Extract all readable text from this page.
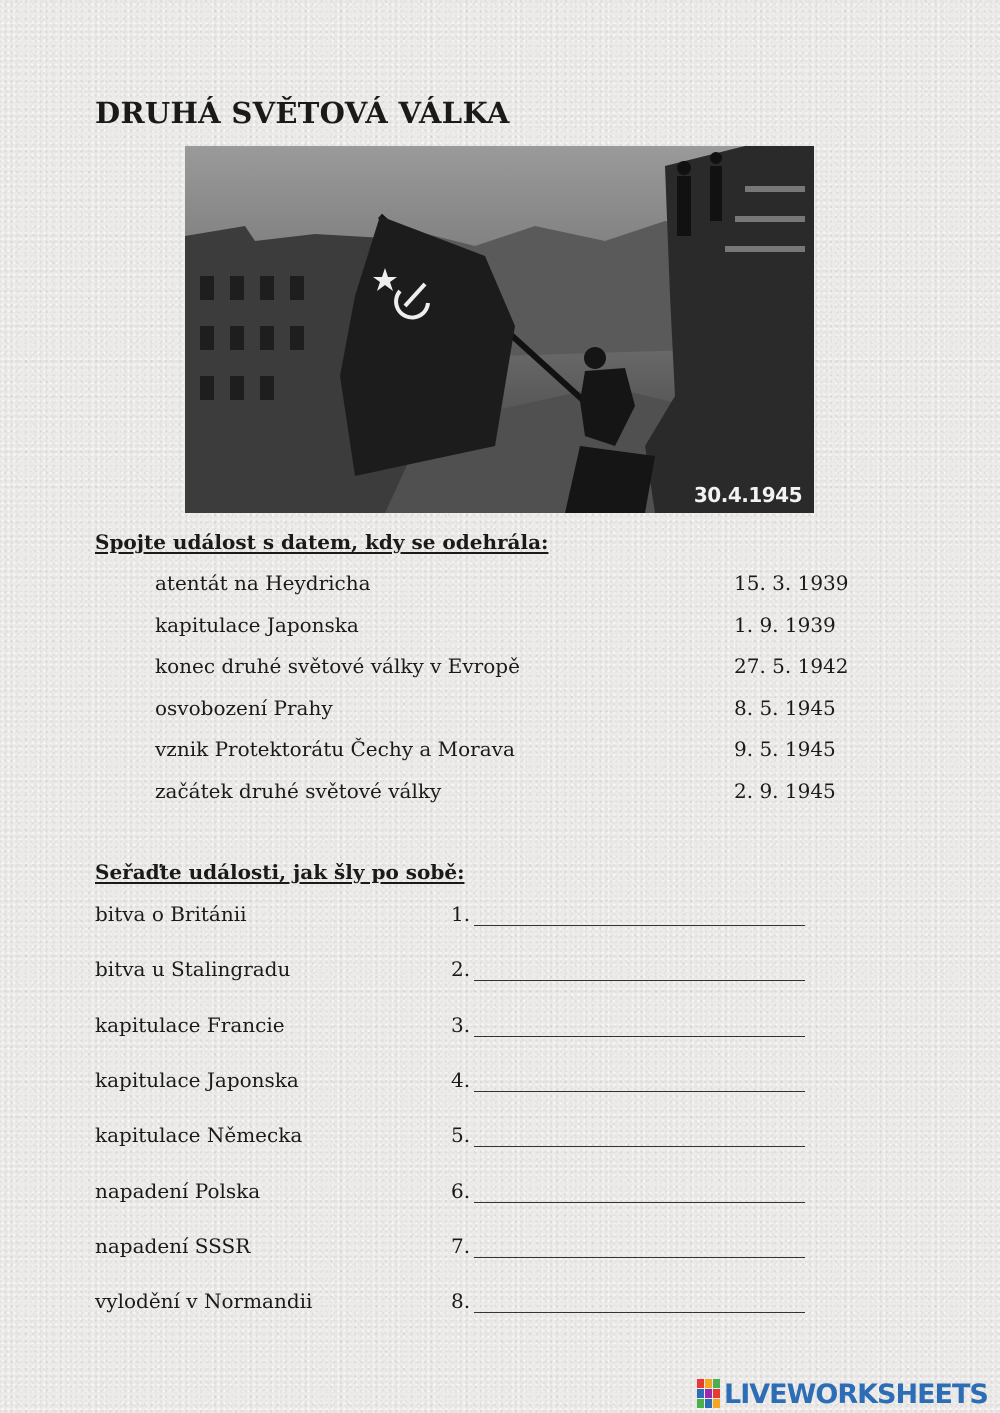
DRUHÁ SVĚTOVÁ VÁLKA
30.4.1945
Spojte událost s datem, kdy se odehrála:
atentát na Heydricha	15. 3. 1939
kapitulace Japonska	1. 9. 1939
konec druhé světové války v Evropě	27. 5. 1942
osvobození Prahy	8. 5. 1945
vznik Protektorátu Čechy a Morava	9. 5. 1945
začátek druhé světové války	2. 9. 1945
Seřaďte události, jak šly po sobě:
bitva o Británii	1.
bitva u Stalingradu	2.
kapitulace Francie	3.
kapitulace Japonska	4.
kapitulace Německa	5.
napadení Polska	6.
napadení SSSR	7.
vylodění v Normandii	8.
LIVEWORKSHEETS
